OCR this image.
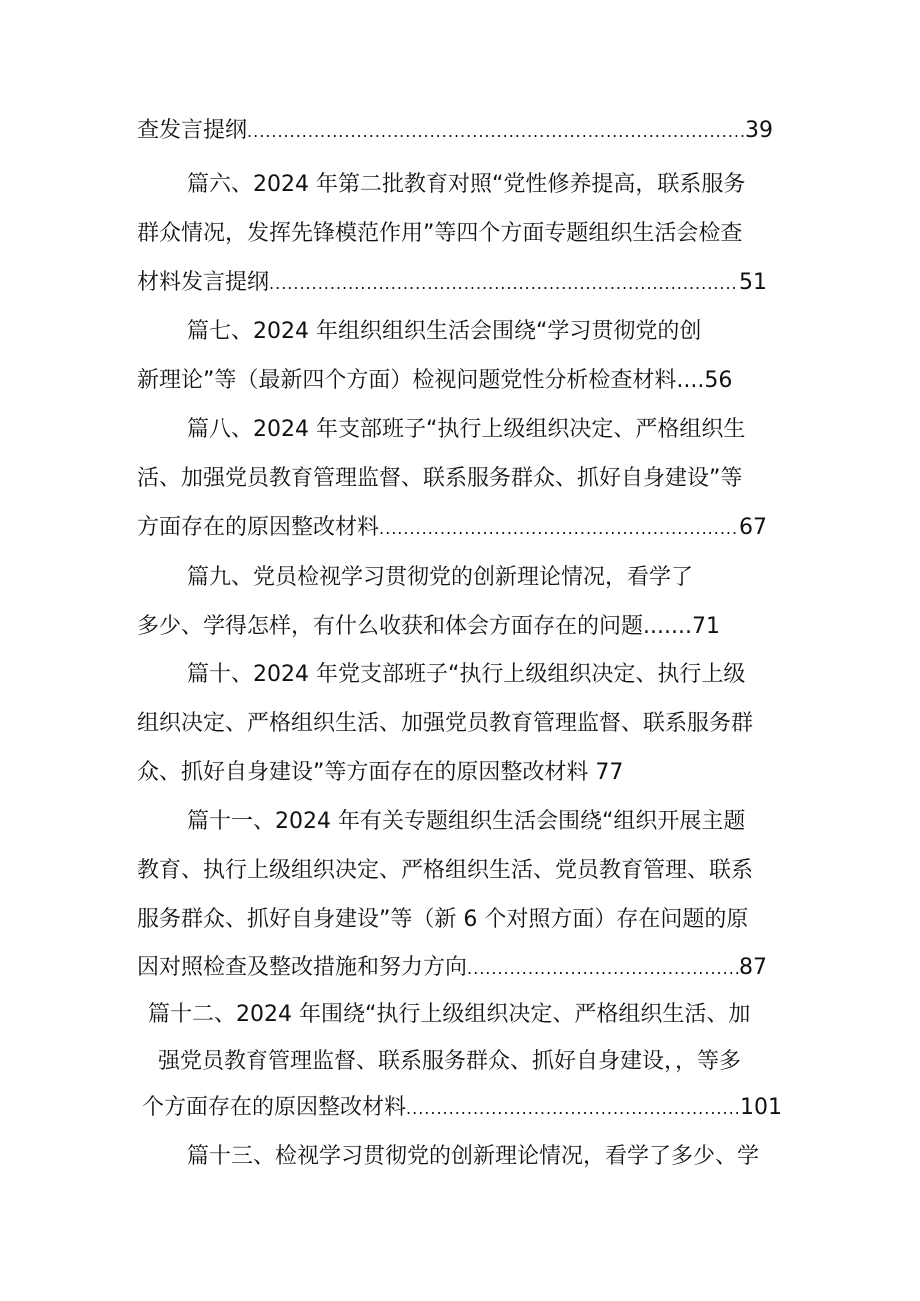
查发言提纲 .....	39
篇六、2024 年第二批教育对照“党性修养提高，联系服务
群众情况，发挥先锋模范作用”等四个方面专题组织生活会检查
材料发言提纲 .....	51
篇七、2024 年组织组织生活会围绕“学习贯彻党的创
新理论”等（最新四个方面）检视问题党性分析检查材料.... 56
篇八、2024 年支部班子“执行上级组织决定、严格组织生
活、加强党员教育管理监督、联系服务群众、抓好自身建设”等
方面存在的原因整改材料 .....	67
篇九、党员检视学习贯彻党的创新理论情况，看学了
多少、学得怎样，有什么收获和体会方面存在的问题....... 71
篇十、2024 年党支部班子“执行上级组织决定、执行上级
组织决定、严格组织生活、加强党员教育管理监督、联系服务群
众、抓好自身建设”等方面存在的原因整改材料 77
篇十一、2024 年有关专题组织生活会围绕“组织开展主题
教育、执行上级组织决定、严格组织生活、党员教育管理、联系
服务群众、抓好自身建设”等（新 6 个对照方面）存在问题的原
因对照检查及整改措施和努力方向 .....	87
篇十二、2024 年围绕“执行上级组织决定、严格组织生活、加
强党员教育管理监督、联系服务群众、抓好自身建设，，等多
个方面存在的原因整改材料 .....	101
篇十三、检视学习贯彻党的创新理论情况，看学了多少、学
